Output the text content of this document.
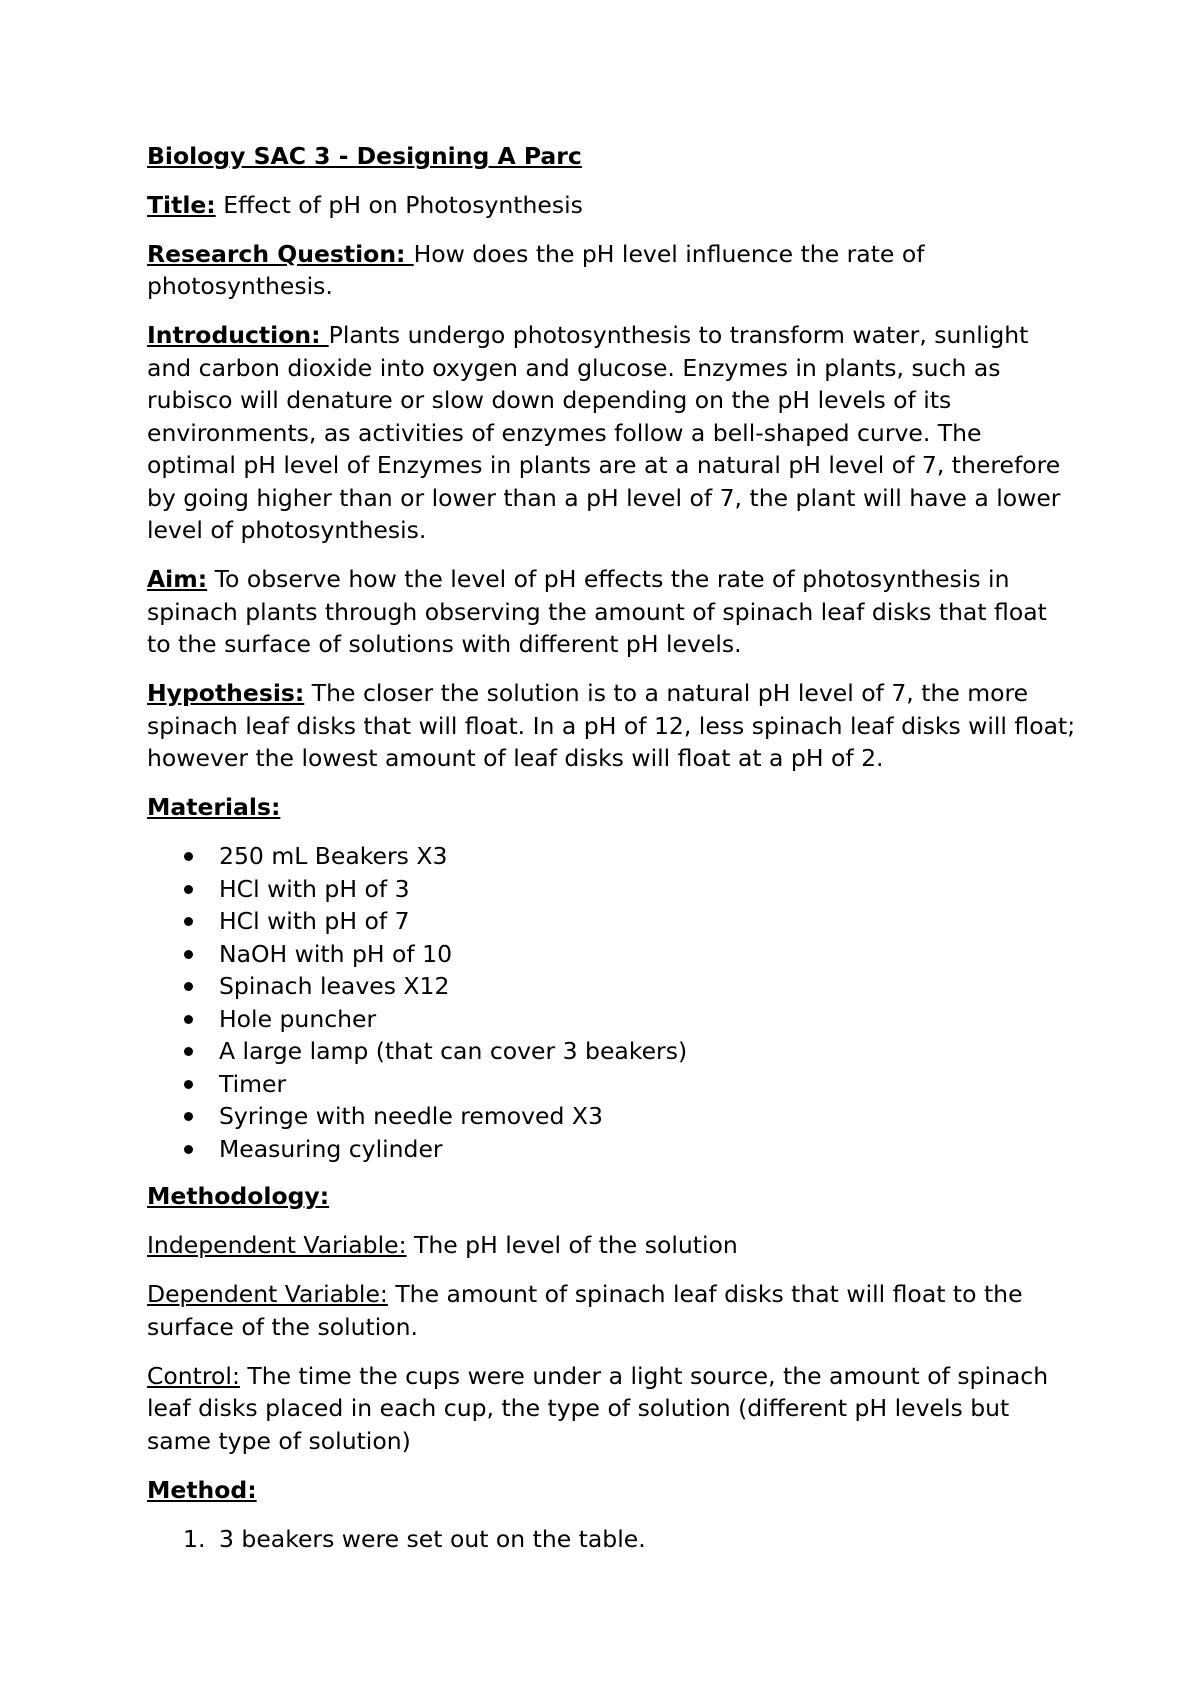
Biology SAC 3 - Designing A Parc

Title: Effect of pH on Photosynthesis

Research Question: How does the pH level influence the rate of photosynthesis.

Introduction: Plants undergo photosynthesis to transform water, sunlight and carbon dioxide into oxygen and glucose. Enzymes in plants, such as rubisco will denature or slow down depending on the pH levels of its environments, as activities of enzymes follow a bell-shaped curve. The optimal pH level of Enzymes in plants are at a natural pH level of 7, therefore by going higher than or lower than a pH level of 7, the plant will have a lower level of photosynthesis.

Aim: To observe how the level of pH effects the rate of photosynthesis in spinach plants through observing the amount of spinach leaf disks that float to the surface of solutions with different pH levels.

Hypothesis: The closer the solution is to a natural pH level of 7, the more spinach leaf disks that will float. In a pH of 12, less spinach leaf disks will float; however the lowest amount of leaf disks will float at a pH of 2.

Materials:

250 mL Beakers X3
HCl with pH of 3
HCl with pH of 7
NaOH with pH of 10
Spinach leaves X12
Hole puncher
A large lamp (that can cover 3 beakers)
Timer
Syringe with needle removed X3
Measuring cylinder

Methodology:

Independent Variable: The pH level of the solution

Dependent Variable: The amount of spinach leaf disks that will float to the surface of the solution.

Control: The time the cups were under a light source, the amount of spinach leaf disks placed in each cup, the type of solution (different pH levels but same type of solution)

Method:

1. 3 beakers were set out on the table.
